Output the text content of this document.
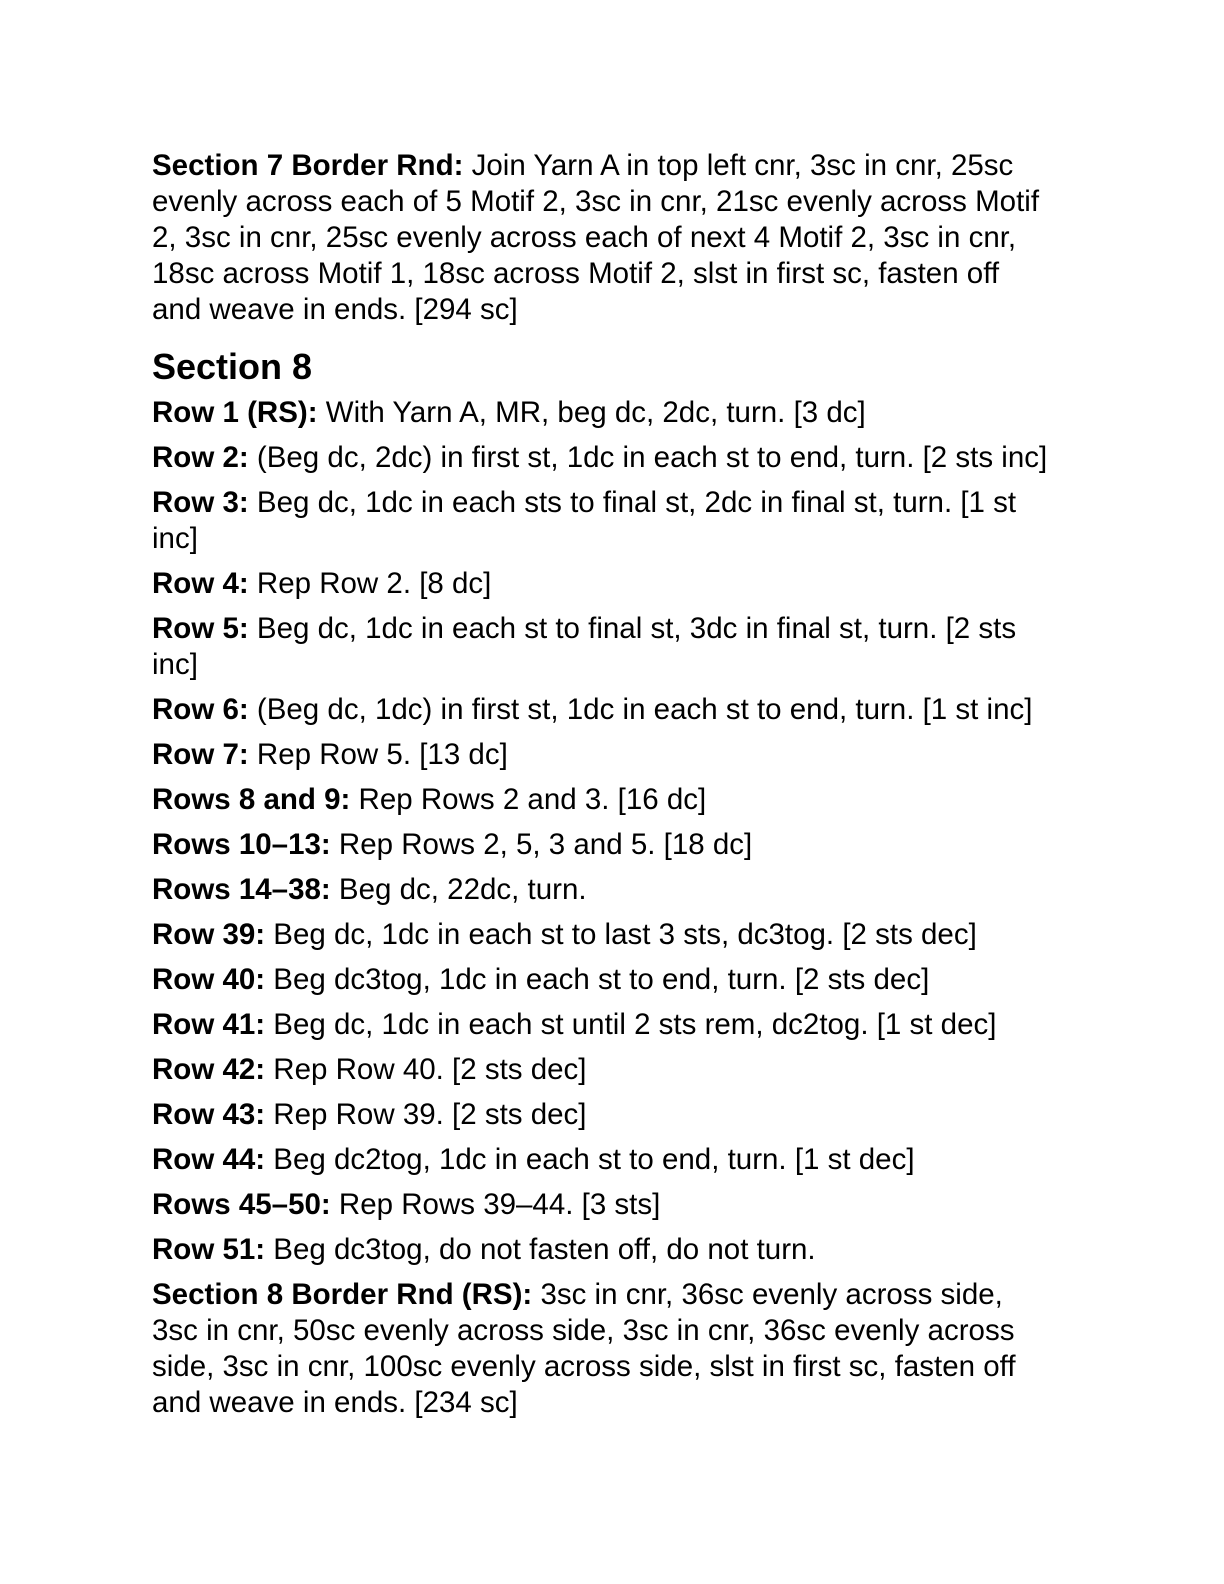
Section 7 Border Rnd: Join Yarn A in top left cnr, 3sc in cnr, 25sc evenly across each of 5 Motif 2, 3sc in cnr, 21sc evenly across Motif 2, 3sc in cnr, 25sc evenly across each of next 4 Motif 2, 3sc in cnr, 18sc across Motif 1, 18sc across Motif 2, slst in first sc, fasten off and weave in ends. [294 sc]

Section 8

Row 1 (RS): With Yarn A, MR, beg dc, 2dc, turn. [3 dc]

Row 2: (Beg dc, 2dc) in first st, 1dc in each st to end, turn. [2 sts inc]

Row 3: Beg dc, 1dc in each sts to final st, 2dc in final st, turn. [1 st inc]

Row 4: Rep Row 2. [8 dc]

Row 5: Beg dc, 1dc in each st to final st, 3dc in final st, turn. [2 sts inc]

Row 6: (Beg dc, 1dc) in first st, 1dc in each st to end, turn. [1 st inc]

Row 7: Rep Row 5. [13 dc]

Rows 8 and 9: Rep Rows 2 and 3. [16 dc]

Rows 10–13: Rep Rows 2, 5, 3 and 5. [18 dc]

Rows 14–38: Beg dc, 22dc, turn.

Row 39: Beg dc, 1dc in each st to last 3 sts, dc3tog. [2 sts dec]

Row 40: Beg dc3tog, 1dc in each st to end, turn. [2 sts dec]

Row 41: Beg dc, 1dc in each st until 2 sts rem, dc2tog. [1 st dec]

Row 42: Rep Row 40. [2 sts dec]

Row 43: Rep Row 39. [2 sts dec]

Row 44: Beg dc2tog, 1dc in each st to end, turn. [1 st dec]

Rows 45–50: Rep Rows 39–44. [3 sts]

Row 51: Beg dc3tog, do not fasten off, do not turn.

Section 8 Border Rnd (RS): 3sc in cnr, 36sc evenly across side, 3sc in cnr, 50sc evenly across side, 3sc in cnr, 36sc evenly across side, 3sc in cnr, 100sc evenly across side, slst in first sc, fasten off and weave in ends. [234 sc]
